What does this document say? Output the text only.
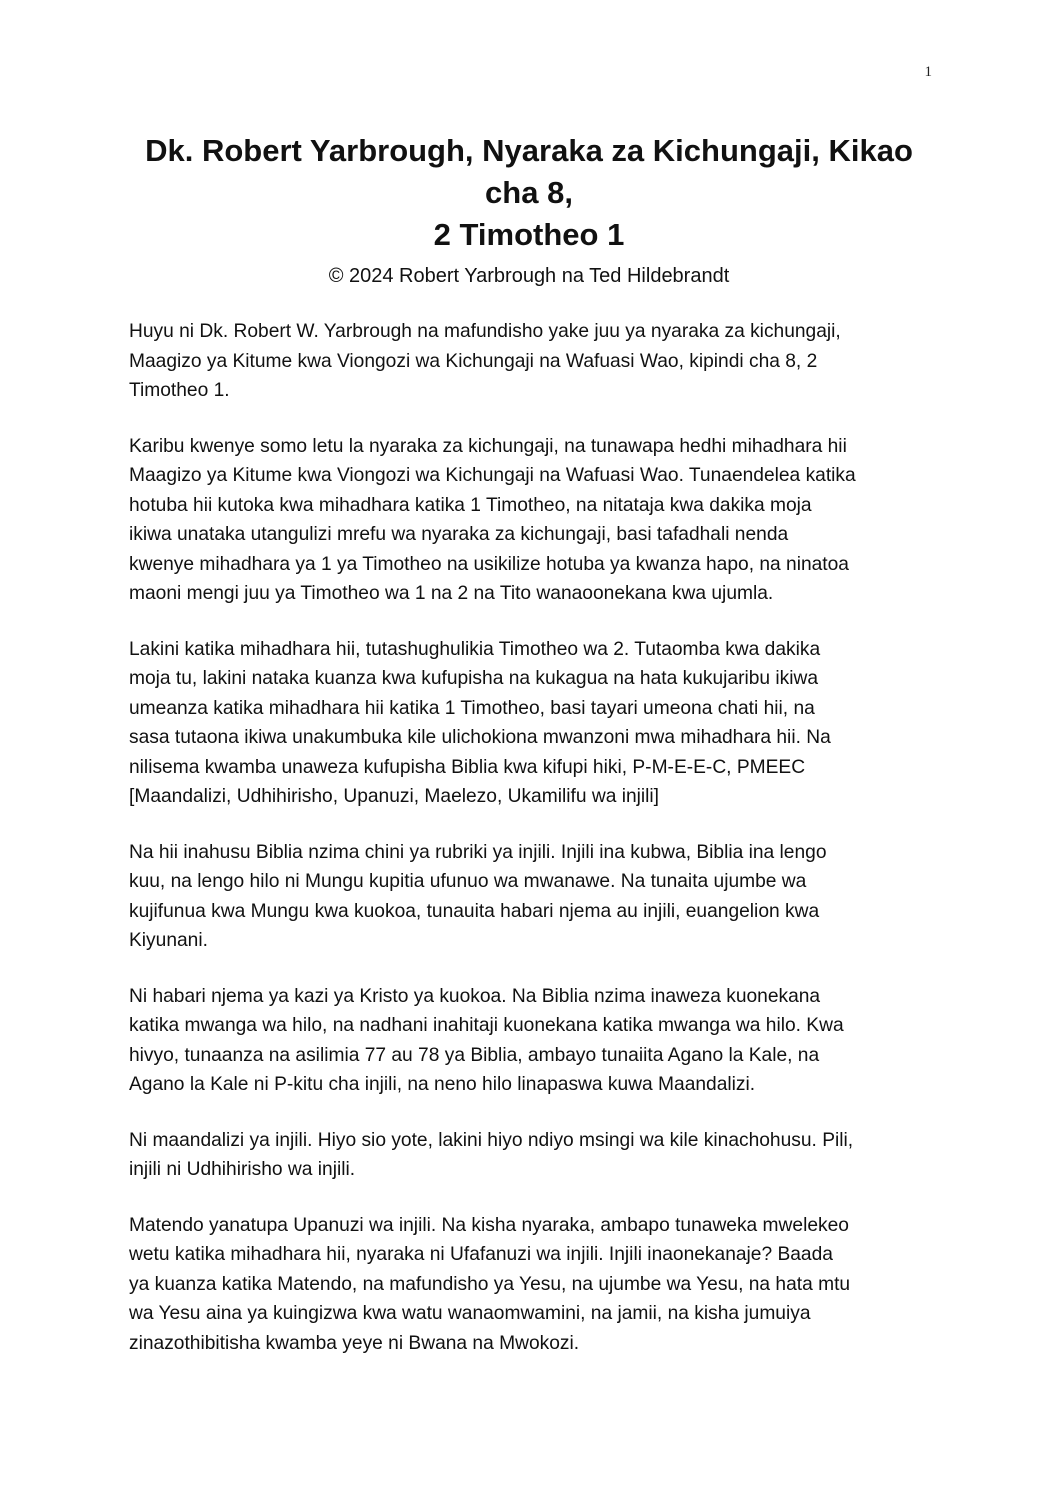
1
Dk. Robert Yarbrough, Nyaraka za Kichungaji, Kikao
cha 8,
2 Timotheo 1
© 2024 Robert Yarbrough na Ted Hildebrandt

Huyu ni Dk. Robert W. Yarbrough na mafundisho yake juu ya nyaraka za kichungaji,
Maagizo ya Kitume kwa Viongozi wa Kichungaji na Wafuasi Wao, kipindi cha 8, 2
Timotheo 1.

Karibu kwenye somo letu la nyaraka za kichungaji, na tunawapa hedhi mihadhara hii
Maagizo ya Kitume kwa Viongozi wa Kichungaji na Wafuasi Wao. Tunaendelea katika
hotuba hii kutoka kwa mihadhara katika 1 Timotheo, na nitataja kwa dakika moja
ikiwa unataka utangulizi mrefu wa nyaraka za kichungaji, basi tafadhali nenda
kwenye mihadhara ya 1 ya Timotheo na usikilize hotuba ya kwanza hapo, na ninatoa
maoni mengi juu ya Timotheo wa 1 na 2 na Tito wanaoonekana kwa ujumla.

Lakini katika mihadhara hii, tutashughulikia Timotheo wa 2. Tutaomba kwa dakika
moja tu, lakini nataka kuanza kwa kufupisha na kukagua na hata kukujaribu ikiwa
umeanza katika mihadhara hii katika 1 Timotheo, basi tayari umeona chati hii, na
sasa tutaona ikiwa unakumbuka kile ulichokiona mwanzoni mwa mihadhara hii. Na
nilisema kwamba unaweza kufupisha Biblia kwa kifupi hiki, P-M-E-E-C, PMEEC
[Maandalizi, Udhihirisho, Upanuzi, Maelezo, Ukamilifu wa injili]

Na hii inahusu Biblia nzima chini ya rubriki ya injili. Injili ina kubwa, Biblia ina lengo
kuu, na lengo hilo ni Mungu kupitia ufunuo wa mwanawe. Na tunaita ujumbe wa
kujifunua kwa Mungu kwa kuokoa, tunauita habari njema au injili, euangelion kwa
Kiyunani.

Ni habari njema ya kazi ya Kristo ya kuokoa. Na Biblia nzima inaweza kuonekana
katika mwanga wa hilo, na nadhani inahitaji kuonekana katika mwanga wa hilo. Kwa
hivyo, tunaanza na asilimia 77 au 78 ya Biblia, ambayo tunaiita Agano la Kale, na
Agano la Kale ni P-kitu cha injili, na neno hilo linapaswa kuwa Maandalizi.

Ni maandalizi ya injili. Hiyo sio yote, lakini hiyo ndiyo msingi wa kile kinachohusu. Pili,
injili ni Udhihirisho wa injili.

Matendo yanatupa Upanuzi wa injili. Na kisha nyaraka, ambapo tunaweka mwelekeo
wetu katika mihadhara hii, nyaraka ni Ufafanuzi wa injili. Injili inaonekanaje? Baada
ya kuanza katika Matendo, na mafundisho ya Yesu, na ujumbe wa Yesu, na hata mtu
wa Yesu aina ya kuingizwa kwa watu wanaomwamini, na jamii, na kisha jumuiya
zinazothibitisha kwamba yeye ni Bwana na Mwokozi.
